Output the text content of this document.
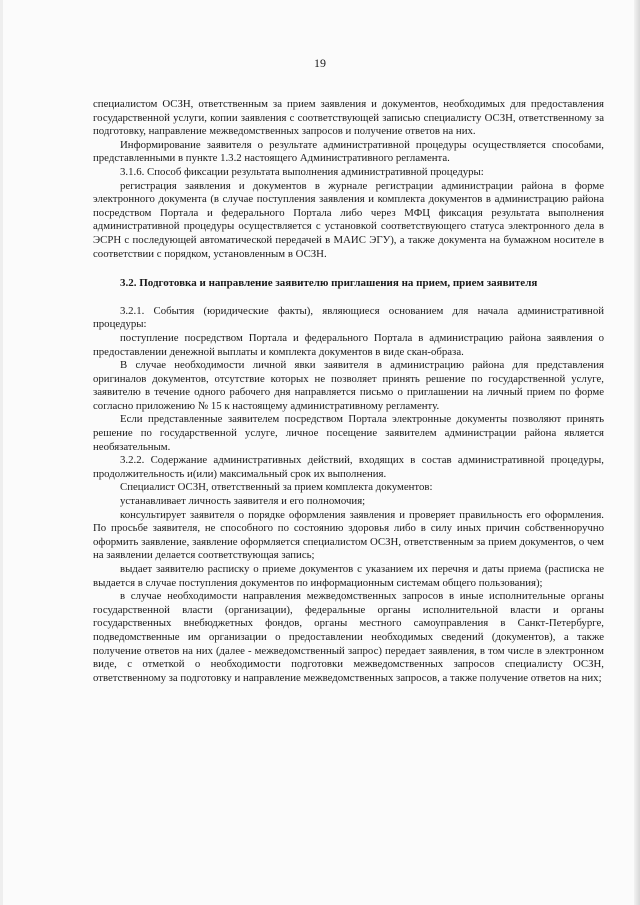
19

специалистом ОСЗН, ответственным за прием заявления и документов, необходимых для предоставления государственной услуги, копии заявления с соответствующей записью специалисту ОСЗН, ответственному за подготовку, направление межведомственных запросов и получение ответов на них.

Информирование заявителя о результате административной процедуры осуществляется способами, представленными в пункте 1.3.2 настоящего Административного регламента.

3.1.6. Способ фиксации результата выполнения административной процедуры:

регистрация заявления и документов в журнале регистрации администрации района в форме электронного документа (в случае поступления заявления и комплекта документов в администрацию района посредством Портала и федерального Портала либо через МФЦ фиксация результата выполнения административной процедуры осуществляется с установкой соответствующего статуса электронного дела в ЭСРН с последующей автоматической передачей в МАИС ЭГУ), а также документа на бумажном носителе в соответствии с порядком, установленным в ОСЗН.

3.2. Подготовка и направление заявителю приглашения на прием, прием заявителя

3.2.1. События (юридические факты), являющиеся основанием для начала административной процедуры:

поступление посредством Портала и федерального Портала в администрацию района заявления о предоставлении денежной выплаты и комплекта документов в виде скан-образа.

В случае необходимости личной явки заявителя в администрацию района для представления оригиналов документов, отсутствие которых не позволяет принять решение по государственной услуге, заявителю в течение одного рабочего дня направляется письмо о приглашении на личный прием по форме согласно приложению № 15 к настоящему административному регламенту.

Если представленные заявителем посредством Портала электронные документы позволяют принять решение по государственной услуге, личное посещение заявителем администрации района является необязательным.

3.2.2. Содержание административных действий, входящих в состав административной процедуры, продолжительность и(или) максимальный срок их выполнения.

Специалист ОСЗН, ответственный за прием комплекта документов:

устанавливает личность заявителя и его полномочия;

консультирует заявителя о порядке оформления заявления и проверяет правильность его оформления. По просьбе заявителя, не способного по состоянию здоровья либо в силу иных причин собственноручно оформить заявление, заявление оформляется специалистом ОСЗН, ответственным за прием документов, о чем на заявлении делается соответствующая запись;

выдает заявителю расписку о приеме документов с указанием их перечня и даты приема (расписка не выдается в случае поступления документов по информационным системам общего пользования);

в случае необходимости направления межведомственных запросов в иные исполнительные органы государственной власти (организации), федеральные органы исполнительной власти и органы государственных внебюджетных фондов, органы местного самоуправления в Санкт-Петербурге, подведомственные им организации о предоставлении необходимых сведений (документов), а также получение ответов на них (далее - межведомственный запрос) передает заявления, в том числе в электронном виде, с отметкой о необходимости подготовки межведомственных запросов специалисту ОСЗН, ответственному за подготовку и направление межведомственных запросов, а также получение ответов на них;
